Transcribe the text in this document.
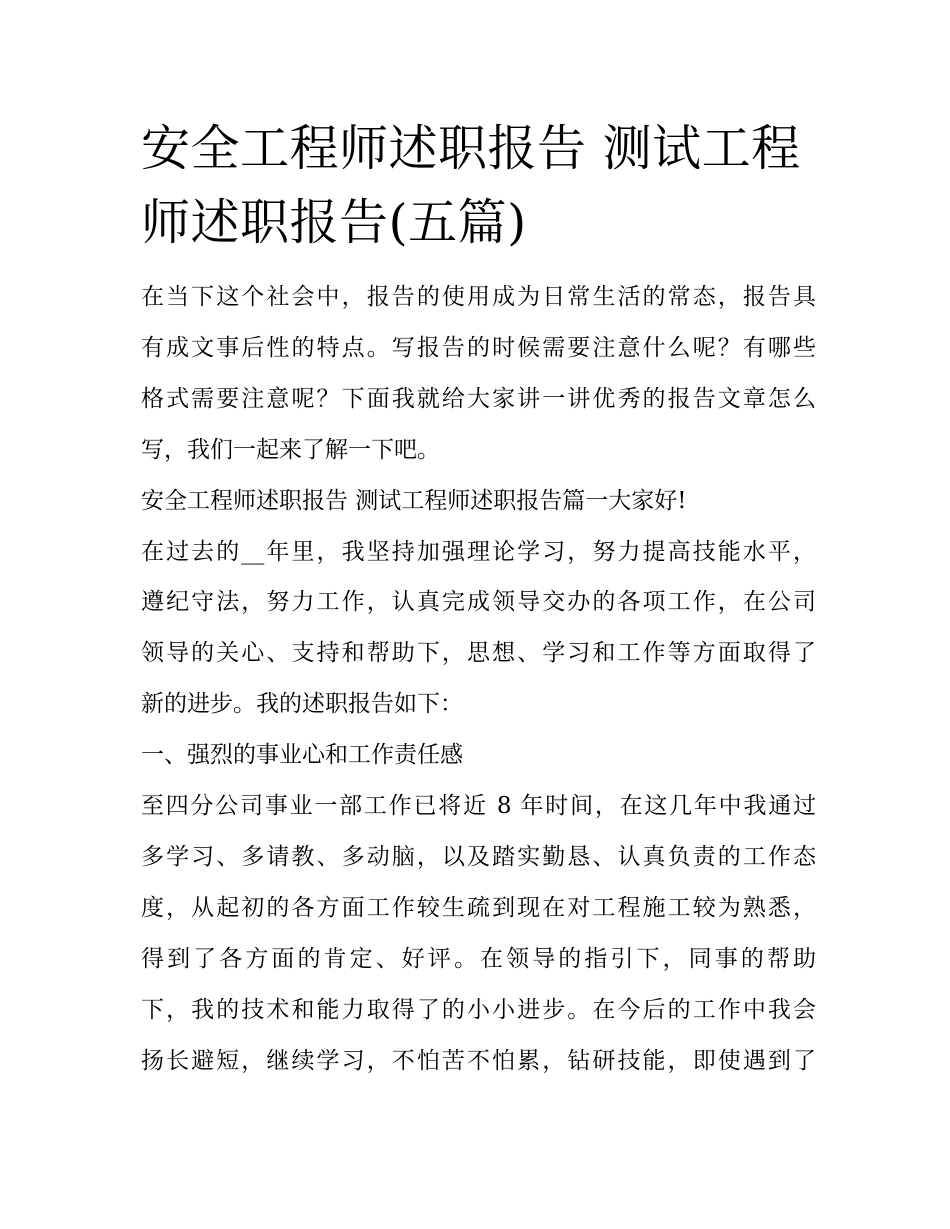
安全工程师述职报告 测试工程
师述职报告(五篇)

在当下这个社会中，报告的使用成为日常生活的常态，报告具
有成文事后性的特点。写报告的时候需要注意什么呢？有哪些
格式需要注意呢？下面我就给大家讲一讲优秀的报告文章怎么
写，我们一起来了解一下吧。

安全工程师述职报告 测试工程师述职报告篇一大家好!

在过去的__年里，我坚持加强理论学习，努力提高技能水平，
遵纪守法，努力工作，认真完成领导交办的各项工作，在公司
领导的关心、支持和帮助下，思想、学习和工作等方面取得了
新的进步。我的述职报告如下：

一、强烈的事业心和工作责任感

至四分公司事业一部工作已将近 8 年时间，在这几年中我通过
多学习、多请教、多动脑，以及踏实勤恳、认真负责的工作态
度，从起初的各方面工作较生疏到现在对工程施工较为熟悉，
得到了各方面的肯定、好评。在领导的指引下，同事的帮助
下，我的技术和能力取得了的小小进步。在今后的工作中我会
扬长避短，继续学习，不怕苦不怕累，钻研技能，即使遇到了
